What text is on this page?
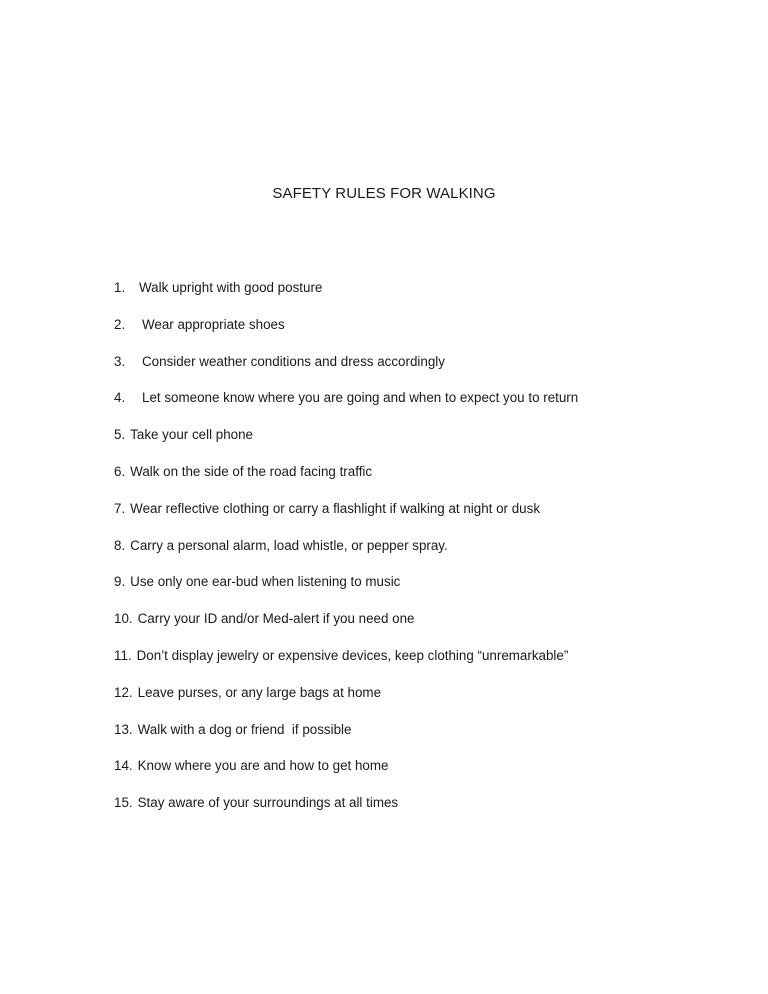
SAFETY RULES FOR WALKING
1.	Walk upright with good posture
2.	Wear appropriate shoes
3.	Consider weather conditions and dress accordingly
4.	Let someone know where you are going and when to expect you to return
5. Take your cell phone
6. Walk on the side of the road facing traffic
7. Wear reflective clothing or carry a flashlight if walking at night or dusk
8. Carry a personal alarm, load whistle, or pepper spray.
9. Use only one ear-bud when listening to music
10. Carry your ID and/or Med-alert if you need one
11. Don’t display jewelry or expensive devices, keep clothing “unremarkable”
12. Leave purses, or any large bags at home
13. Walk with a dog or friend  if possible
14. Know where you are and how to get home
15. Stay aware of your surroundings at all times
